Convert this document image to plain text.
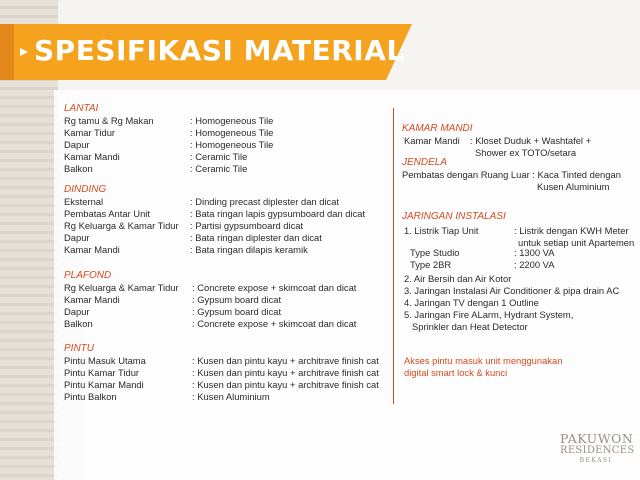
SPESIFIKASI MATERIAL
LANTAI
Rg tamu & Rg Makan	: Homogeneous Tile
Kamar Tidur	: Homogeneous Tile
Dapur	: Homogeneous Tile
Kamar Mandi	: Ceramic Tile
Balkon	: Ceramic Tile
DINDING
Eksternal	: Dinding precast diplester dan dicat
Pembatas Antar Unit	: Bata ringan lapis gypsumboard dan dicat
Rg Keluarga & Kamar Tidur : Partisi gypsumboard dicat
Dapur	: Bata ringan diplester dan dicat
Kamar Mandi	: Bata ringan dilapis keramik
PLAFOND
Rg Keluarga & Kamar Tidur : Concrete expose + skimcoat dan dicat
Kamar Mandi	: Gypsum board dicat
Dapur	: Gypsum board dicat
Balkon	: Concrete expose + skimcoat dan dicat
PINTU
Pintu Masuk Utama	: Kusen dan pintu kayu + architrave finish cat
Pintu Kamar Tidur	: Kusen dan pintu kayu + architrave finish cat
Pintu Kamar Mandi	: Kusen dan pintu kayu + architrave finish cat
Pintu Balkon	: Kusen Aluminium
KAMAR MANDI
Kamar Mandi : Kloset Duduk + Washtafel +
Shower ex TOTO/setara
JENDELA
Pembatas dengan Ruang Luar : Kaca Tinted dengan
Kusen Aluminium
JARINGAN INSTALASI
1. Listrik Tiap Unit	: Listrik dengan KWH Meter
untuk setiap unit Apartemen
Type Studio	: 1300 VA
Type 2BR	: 2200 VA
2. Air Bersih dan Air Kotor
3. Jaringan Instalasi Air Conditioner & pipa drain AC
4. Jaringan TV dengan 1 Outline
5. Jaringan Fire ALarm, Hydrant System,
Sprinkler dan Heat Detector
Akses pintu masuk unit menggunakan
digital smart lock & kunci
PAKUWON
RESIDENCES
BEKASI
